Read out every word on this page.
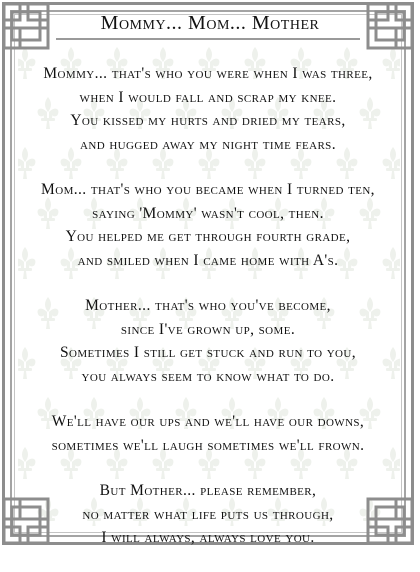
Mommy... Mom... Mother
Mommy... that's who you were when I was three,
when I would fall and scrap my knee.
You kissed my hurts and dried my tears,
and hugged away my night time fears.
Mom... that's who you became when I turned ten,
saying 'Mommy' wasn't cool, then.
You helped me get through fourth grade,
and smiled when I came home with A's.
Mother... that's who you've become,
since I've grown up, some.
Sometimes I still get stuck and run to you,
you always seem to know what to do.
We'll have our ups and we'll have our downs,
sometimes we'll laugh sometimes we'll frown.
But Mother... please remember,
no matter what life puts us through,
I will always, always love you.
